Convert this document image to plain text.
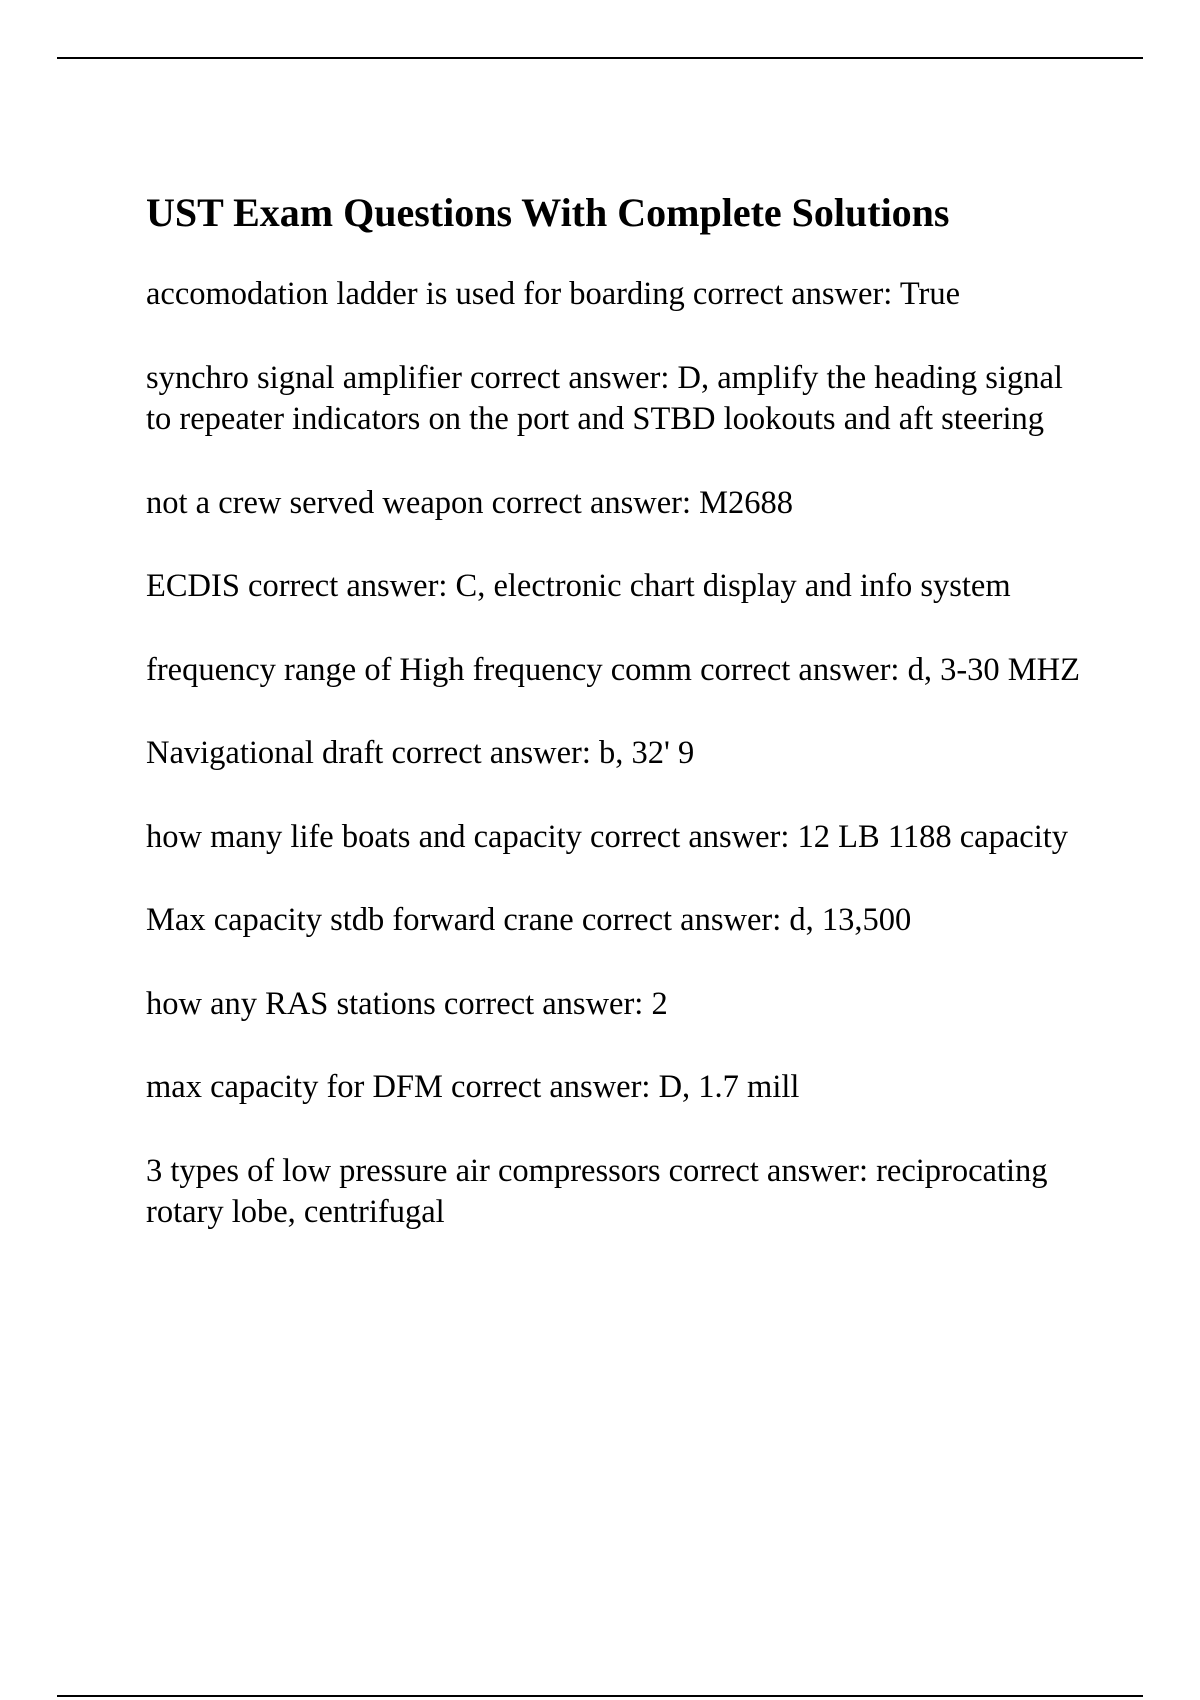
UST Exam Questions With Complete Solutions
accomodation ladder is used for boarding correct answer: True
synchro signal amplifier correct answer: D, amplify the heading signal to repeater indicators on the port and STBD lookouts and aft steering
not a crew served weapon correct answer: M2688
ECDIS correct answer: C, electronic chart display and info system
frequency range of High frequency comm correct answer: d, 3-30 MHZ
Navigational draft correct answer: b, 32' 9
how many life boats and capacity correct answer: 12 LB 1188 capacity
Max capacity stdb forward crane correct answer: d, 13,500
how any RAS stations correct answer: 2
max capacity for DFM correct answer: D, 1.7 mill
3 types of low pressure air compressors correct answer: reciprocating rotary lobe, centrifugal
